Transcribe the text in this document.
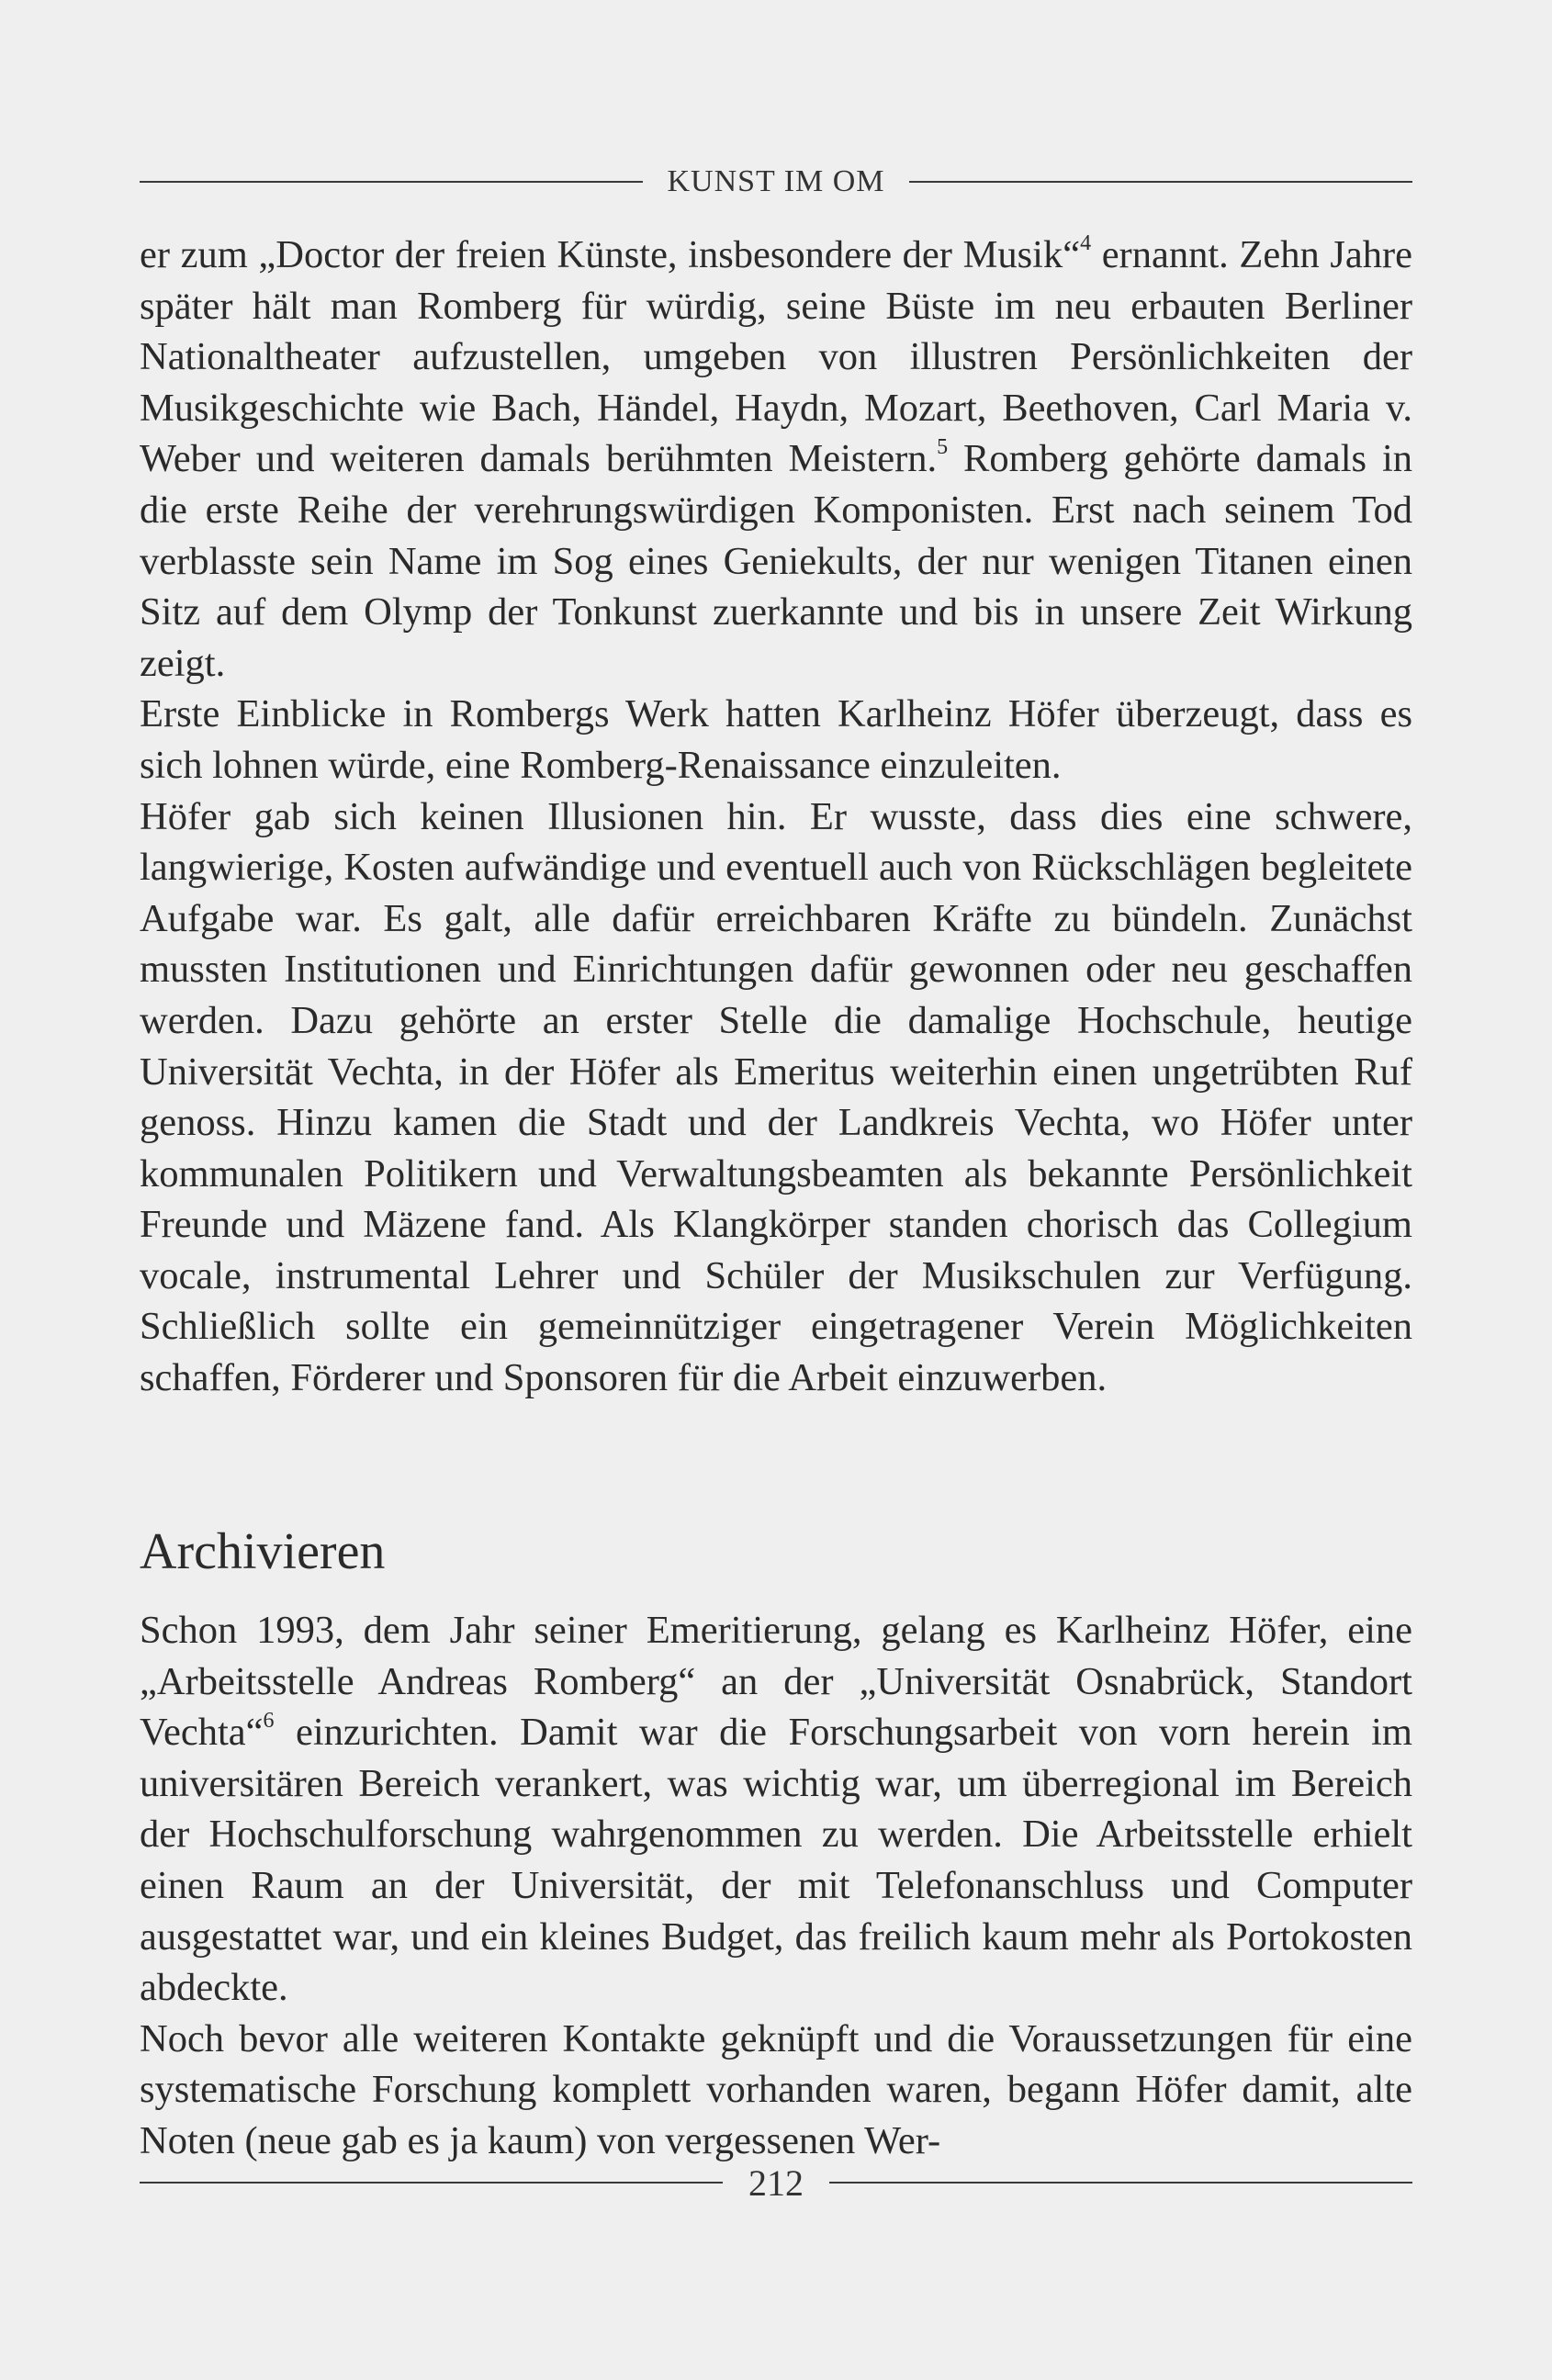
KUNST IM OM

er zum „Doctor der freien Künste, insbesondere der Musik“$^4$ ernannt. Zehn Jahre später hält man Romberg für würdig, seine Büste im neu erbauten Berliner Nationaltheater aufzustellen, umgeben von illustren Persönlichkeiten der Musikgeschichte wie Bach, Händel, Haydn, Mozart, Beethoven, Carl Maria v. Weber und weiteren damals berühmten Meistern.$^5$ Romberg gehörte damals in die erste Reihe der verehrungswürdigen Komponisten. Erst nach seinem Tod verblasste sein Name im Sog eines Geniekults, der nur wenigen Titanen einen Sitz auf dem Olymp der Tonkunst zuerkannte und bis in unsere Zeit Wirkung zeigt.

Erste Einblicke in Rombergs Werk hatten Karlheinz Höfer überzeugt, dass es sich lohnen würde, eine Romberg-Renaissance einzuleiten.

Höfer gab sich keinen Illusionen hin. Er wusste, dass dies eine schwere, langwierige, Kosten aufwändige und eventuell auch von Rückschlägen begleitete Aufgabe war. Es galt, alle dafür erreichbaren Kräfte zu bündeln. Zunächst mussten Institutionen und Einrichtungen dafür gewonnen oder neu geschaffen werden. Dazu gehörte an erster Stelle die damalige Hochschule, heutige Universität Vechta, in der Höfer als Emeritus weiterhin einen ungetrübten Ruf genoss. Hinzu kamen die Stadt und der Landkreis Vechta, wo Höfer unter kommunalen Politikern und Verwaltungsbeamten als bekannte Persönlichkeit Freunde und Mäzene fand. Als Klangkörper standen chorisch das Collegium vocale, instrumental Lehrer und Schüler der Musikschulen zur Verfügung. Schließlich sollte ein gemeinnütziger eingetragener Verein Möglichkeiten schaffen, Förderer und Sponsoren für die Arbeit einzuwerben.

Archivieren

Schon 1993, dem Jahr seiner Emeritierung, gelang es Karlheinz Höfer, eine „Arbeitsstelle Andreas Romberg“ an der „Universität Osnabrück, Standort Vechta“$^6$ einzurichten. Damit war die Forschungsarbeit von vorn herein im universitären Bereich verankert, was wichtig war, um überregional im Bereich der Hochschulforschung wahrgenommen zu werden. Die Arbeitsstelle erhielt einen Raum an der Universität, der mit Telefonanschluss und Computer ausgestattet war, und ein kleines Budget, das freilich kaum mehr als Portokosten abdeckte.

Noch bevor alle weiteren Kontakte geknüpft und die Voraussetzungen für eine systematische Forschung komplett vorhanden waren, begann Höfer damit, alte Noten (neue gab es ja kaum) von vergessenen Wer-

212
